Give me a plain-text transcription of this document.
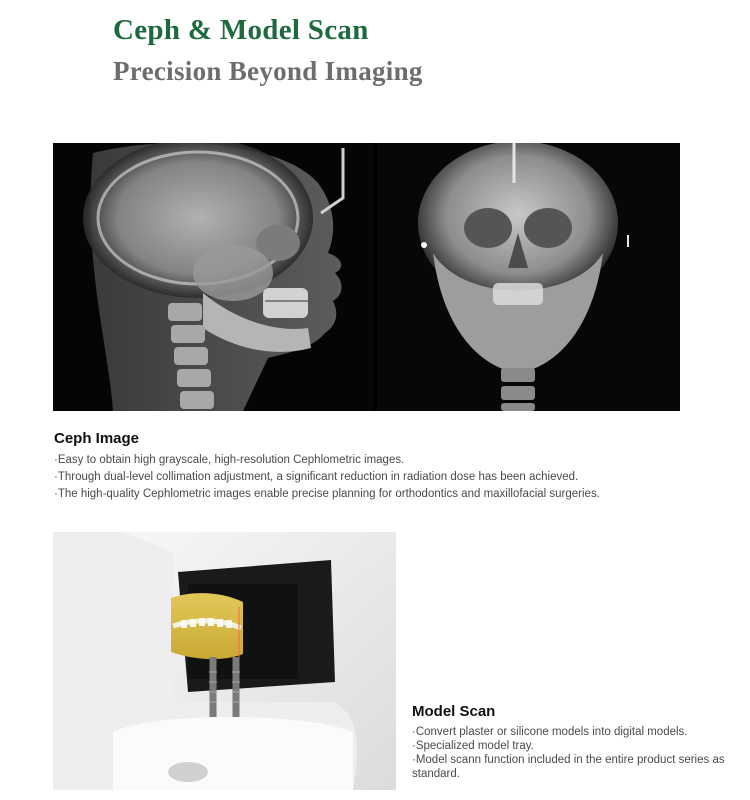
Ceph & Model Scan
Precision Beyond Imaging
Ceph Image
·Easy to obtain high grayscale, high-resolution Cephlometric images.
·Through dual-level collimation adjustment, a significant reduction in radiation dose has been achieved.
·The high-quality Cephlometric images enable precise planning for orthodontics and maxillofacial surgeries.
Model Scan
·Convert plaster or silicone models into digital models.
·Specialized model tray.
·Model scann function included in the entire product series as standard.
